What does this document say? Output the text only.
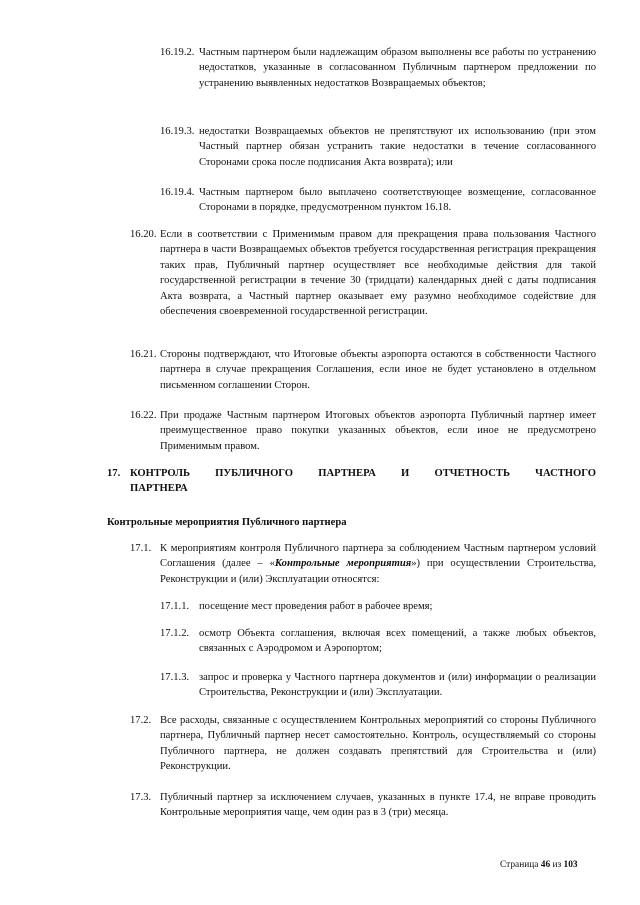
16.19.2. Частным партнером были надлежащим образом выполнены все работы по устранению недостатков, указанные в согласованном Публичным партнером предложении по устранению выявленных недостатков Возвращаемых объектов;
16.19.3. недостатки Возвращаемых объектов не препятствуют их использованию (при этом Частный партнер обязан устранить такие недостатки в течение согласованного Сторонами срока после подписания Акта возврата); или
16.19.4. Частным партнером было выплачено соответствующее возмещение, согласованное Сторонами в порядке, предусмотренном пунктом 16.18.
16.20. Если в соответствии с Применимым правом для прекращения права пользования Частного партнера в части Возвращаемых объектов требуется государственная регистрация прекращения таких прав, Публичный партнер осуществляет все необходимые действия для такой государственной регистрации в течение 30 (тридцати) календарных дней с даты подписания Акта возврата, а Частный партнер оказывает ему разумно необходимое содействие для обеспечения своевременной государственной регистрации.
16.21. Стороны подтверждают, что Итоговые объекты аэропорта остаются в собственности Частного партнера в случае прекращения Соглашения, если иное не будет установлено в отдельном письменном соглашении Сторон.
16.22. При продаже Частным партнером Итоговых объектов аэропорта Публичный партнер имеет преимущественное право покупки указанных объектов, если иное не предусмотрено Применимым правом.
17. КОНТРОЛЬ ПУБЛИЧНОГО ПАРТНЕРА И ОТЧЕТНОСТЬ ЧАСТНОГО
ПАРТНЕРА
Контрольные мероприятия Публичного партнера
17.1. К мероприятиям контроля Публичного партнера за соблюдением Частным партнером условий Соглашения (далее – «Контрольные мероприятия») при осуществлении Строительства, Реконструкции и (или) Эксплуатации относятся:
17.1.1. посещение мест проведения работ в рабочее время;
17.1.2. осмотр Объекта соглашения, включая всех помещений, а также любых объектов, связанных с Аэродромом и Аэропортом;
17.1.3. запрос и проверка у Частного партнера документов и (или) информации о реализации Строительства, Реконструкции и (или) Эксплуатации.
17.2. Все расходы, связанные с осуществлением Контрольных мероприятий со стороны Публичного партнера, Публичный партнер несет самостоятельно. Контроль, осуществляемый со стороны Публичного партнера, не должен создавать препятствий для Строительства и (или) Реконструкции.
17.3. Публичный партнер за исключением случаев, указанных в пункте 17.4, не вправе проводить Контрольные мероприятия чаще, чем один раз в 3 (три) месяца.
Страница 46 из 103
